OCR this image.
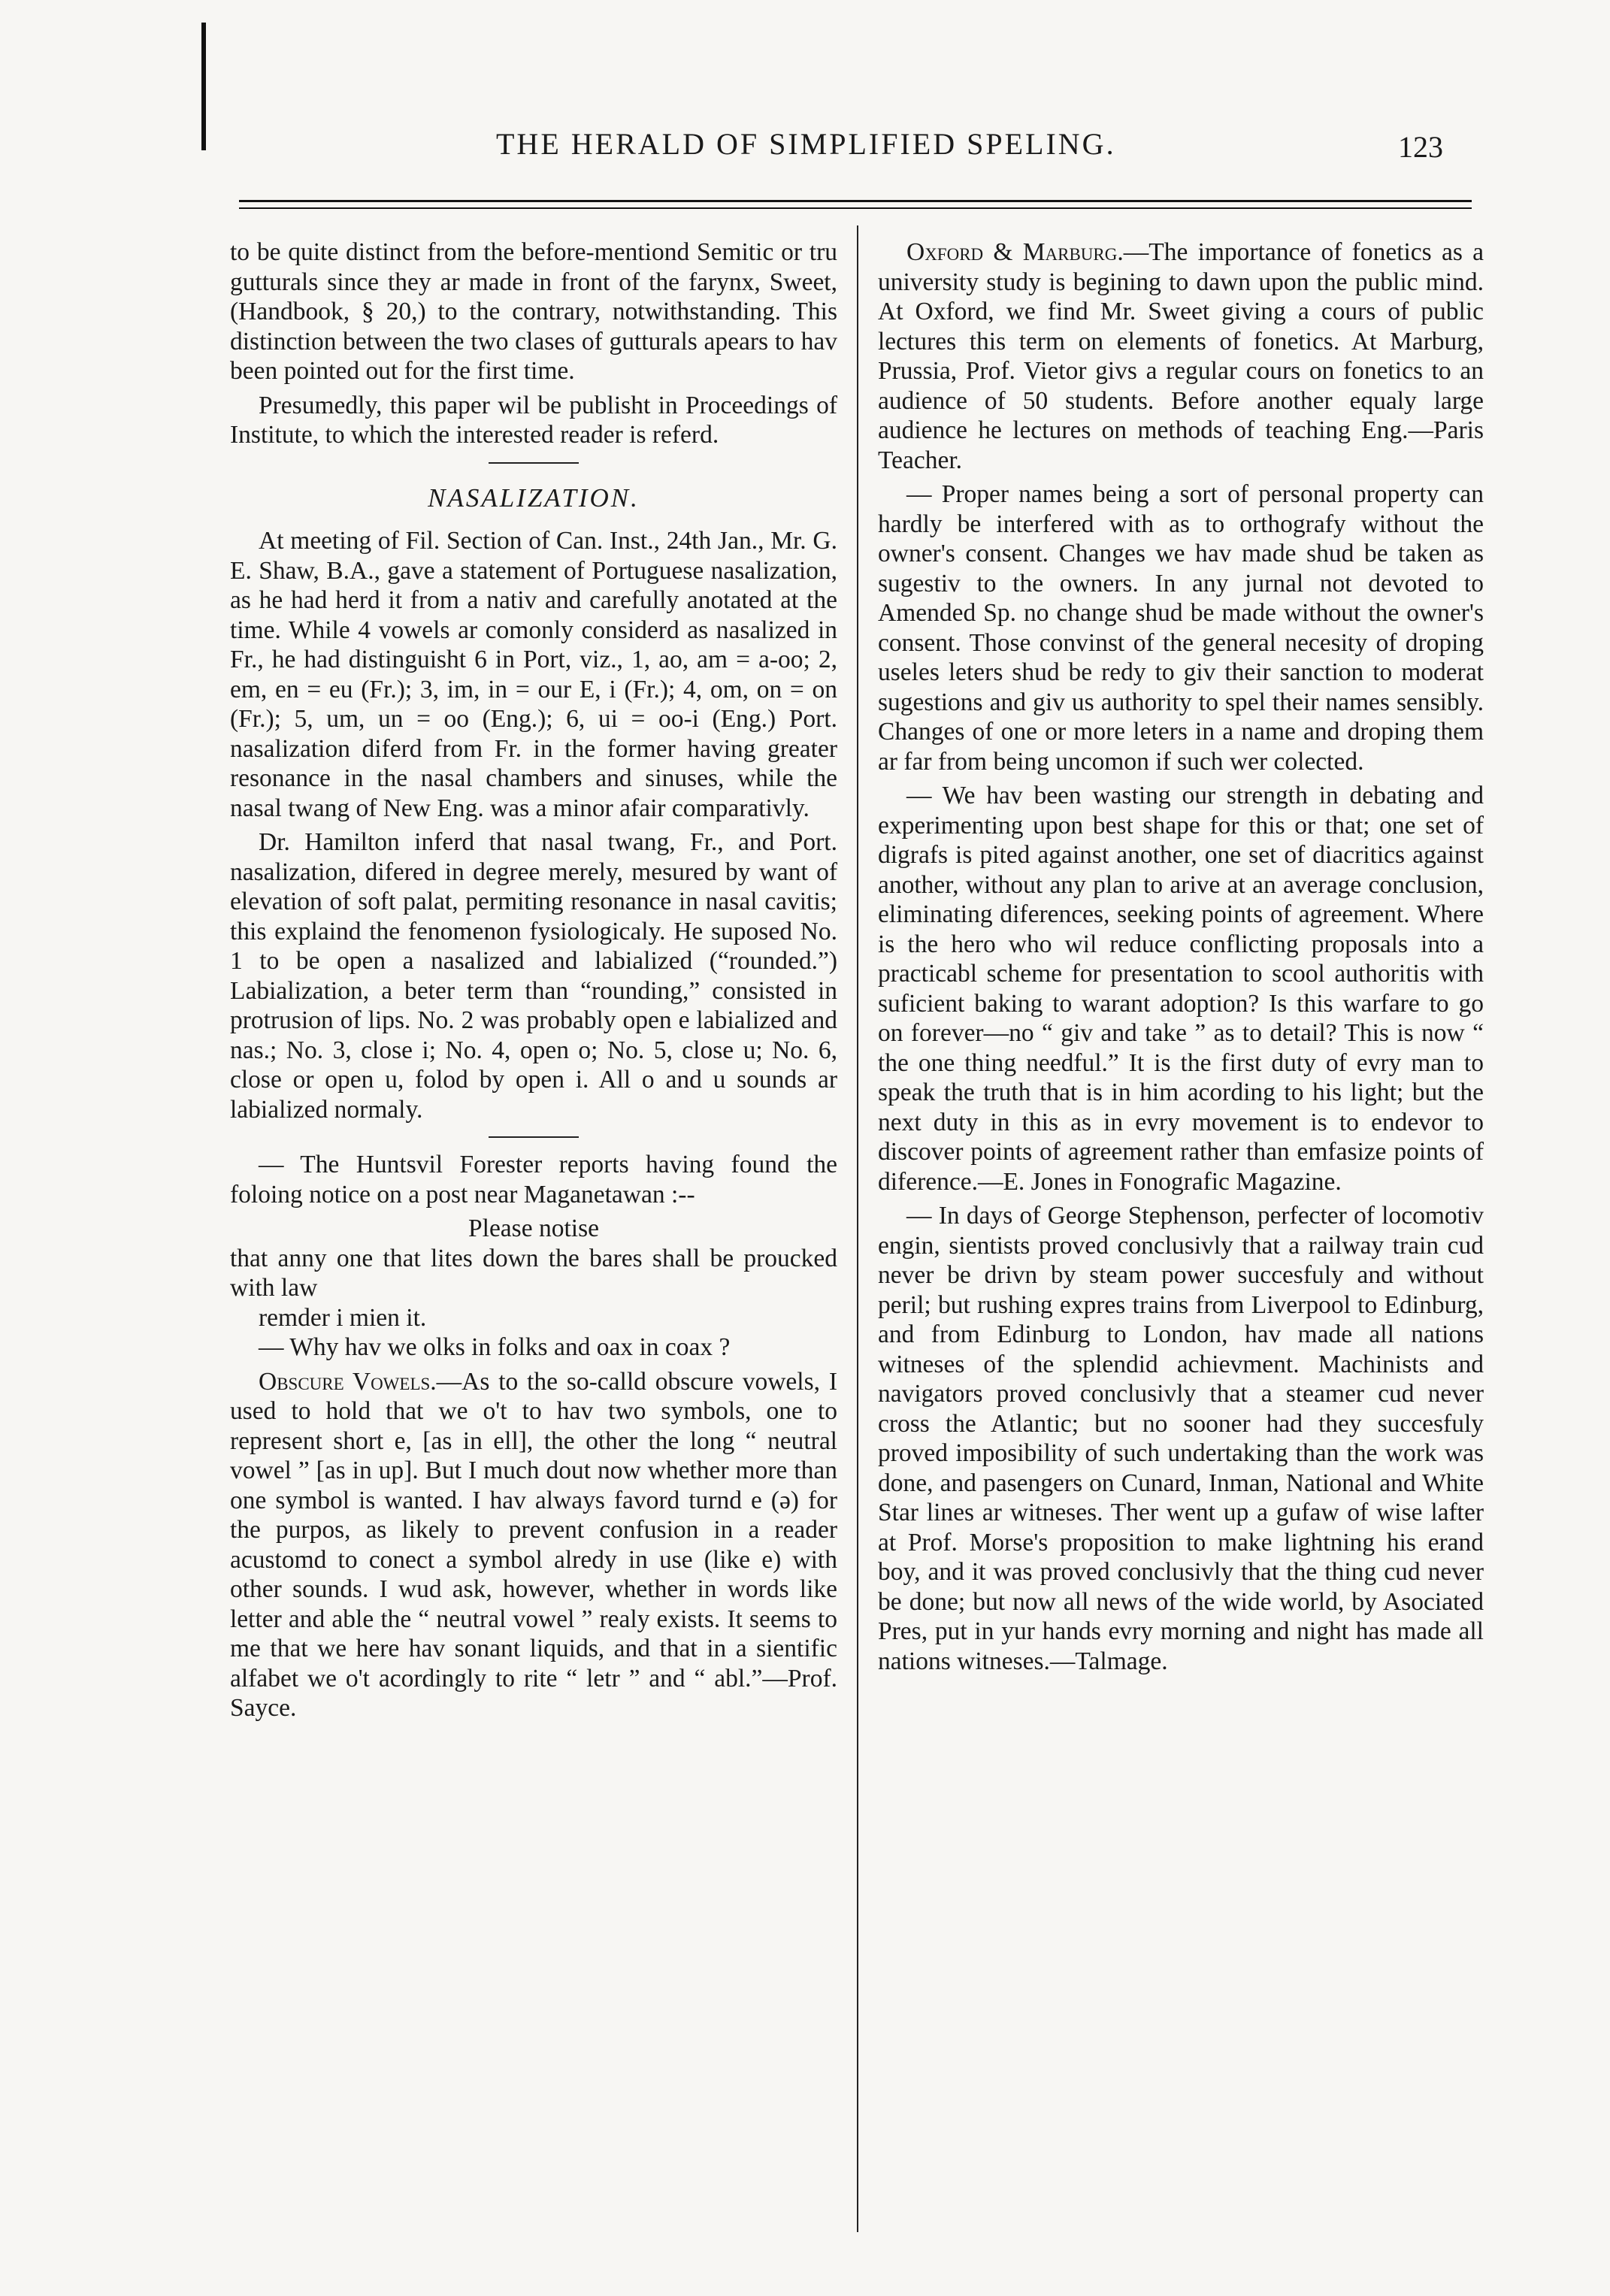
THE HERALD OF SIMPLIFIED SPELING.	123

to be quite distinct from the before-mentiond Semitic or tru gutturals since they ar made in front of the farynx, Sweet, (Handbook, § 20,) to the contrary, notwithstanding. This distinction between the two clases of gutturals apears to hav been pointed out for the first time.

Presumedly, this paper wil be publisht in Proceedings of Institute, to which the interested reader is referd.

NASALIZATION.

At meeting of Fil. Section of Can. Inst., 24th Jan., Mr. G. E. Shaw, B.A., gave a statement of Portuguese nasalization, as he had herd it from a nativ and carefully anotated at the time. While 4 vowels ar comonly considerd as nasalized in Fr., he had distinguisht 6 in Port, viz., 1, ao, am = a-oo; 2, em, en = eu (Fr.); 3, im, in = our E, i (Fr.); 4, om, on = on (Fr.); 5, um, un = oo (Eng.); 6, ui = oo-i (Eng.) Port. nasalization diferd from Fr. in the former having greater resonance in the nasal chambers and sinuses, while the nasal twang of New Eng. was a minor afair comparativly.

Dr. Hamilton inferd that nasal twang, Fr., and Port. nasalization, difered in degree merely, mesured by want of elevation of soft palat, permiting resonance in nasal cavitis; this explaind the fenomenon fysiologicaly. He suposed No. 1 to be open a nasalized and labialized (“rounded.”) Labialization, a beter term than “rounding,” consisted in protrusion of lips. No. 2 was probably open e labialized and nas.; No. 3, close i; No. 4, open o; No. 5, close u; No. 6, close or open u, folod by open i. All o and u sounds ar labialized normaly.

— The Huntsvil Forester reports having found the foloing notice on a post near Maganetawan :--

Please notise

that anny one that lites down the bares shall be proucked with law

remder i mien it.

— Why hav we olks in folks and oax in coax ?

Obscure Vowels.—As to the so-calld obscure vowels, I used to hold that we o't to hav two symbols, one to represent short e, [as in ell], the other the long “ neutral vowel ” [as in up]. But I much dout now whether more than one symbol is wanted. I hav always favord turnd e (ə) for the purpos, as likely to prevent confusion in a reader acustomd to conect a symbol alredy in use (like e) with other sounds. I wud ask, however, whether in words like letter and able the “ neutral vowel ” realy exists. It seems to me that we here hav sonant liquids, and that in a sientific alfabet we o't acordingly to rite “ letr ” and “ abl.”—Prof. Sayce.

Oxford & Marburg.—The importance of fonetics as a university study is begining to dawn upon the public mind. At Oxford, we find Mr. Sweet giving a cours of public lectures this term on elements of fonetics. At Marburg, Prussia, Prof. Vietor givs a regular cours on fonetics to an audience of 50 students. Before another equaly large audience he lectures on methods of teaching Eng.—Paris Teacher.

— Proper names being a sort of personal property can hardly be interfered with as to orthografy without the owner's consent. Changes we hav made shud be taken as sugestiv to the owners. In any jurnal not devoted to Amended Sp. no change shud be made without the owner's consent. Those convinst of the general necesity of droping useles leters shud be redy to giv their sanction to moderat sugestions and giv us authority to spel their names sensibly. Changes of one or more leters in a name and droping them ar far from being uncomon if such wer colected.

— We hav been wasting our strength in debating and experimenting upon best shape for this or that; one set of digrafs is pited against another, one set of diacritics against another, without any plan to arive at an average conclusion, eliminating diferences, seeking points of agreement. Where is the hero who wil reduce conflicting proposals into a practicabl scheme for presentation to scool authoritis with suficient baking to warant adoption? Is this warfare to go on forever—no “ giv and take ” as to detail? This is now “ the one thing needful.” It is the first duty of evry man to speak the truth that is in him acording to his light; but the next duty in this as in evry movement is to endevor to discover points of agreement rather than emfasize points of diference.—E. Jones in Fonografic Magazine.

— In days of George Stephenson, perfecter of locomotiv engin, sientists proved conclusivly that a railway train cud never be drivn by steam power succesfuly and without peril; but rushing expres trains from Liverpool to Edinburg, and from Edinburg to London, hav made all nations witneses of the splendid achievment. Machinists and navigators proved conclusivly that a steamer cud never cross the Atlantic; but no sooner had they succesfuly proved imposibility of such undertaking than the work was done, and pasengers on Cunard, Inman, National and White Star lines ar witneses. Ther went up a gufaw of wise lafter at Prof. Morse's proposition to make lightning his erand boy, and it was proved conclusivly that the thing cud never be done; but now all news of the wide world, by Asociated Pres, put in yur hands evry morning and night has made all nations witneses.—Talmage.
